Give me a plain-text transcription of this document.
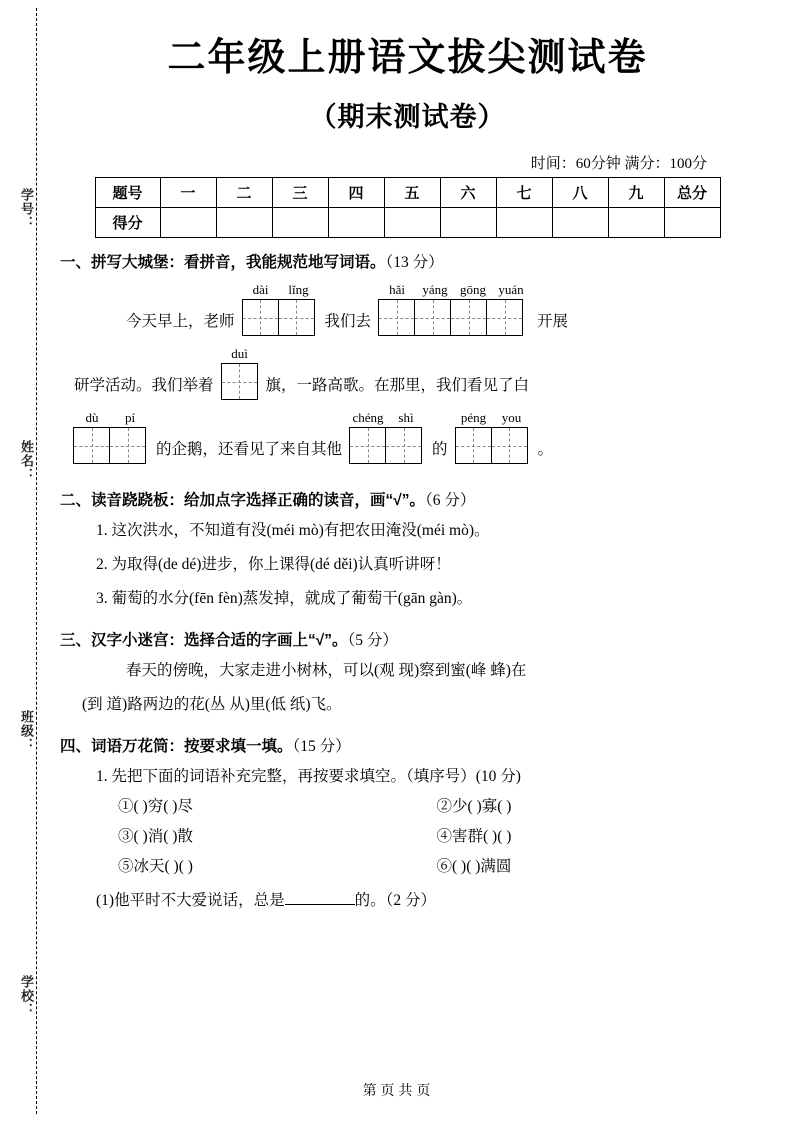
学号：
姓名：
班级：
学校：
二年级上册语文拔尖测试卷
（期末测试卷）
时间：60分钟 满分：100分
题号	一	二	三	四	五	六	七	八	九	总分
得分										
一、拼写大城堡：看拼音，我能规范地写词语。（13 分）
今天早上，老师
dài	lǐng
我们去
hǎi	yáng gōng yuán
开展
研学活动。我们举着
duì
旗，一路高歌。在那里，我们看见了白
dù	pí
的企鹅，还看见了来自其他
chéng	shì
的
péng	you
。
二、读音跷跷板：给加点字选择正确的读音，画“√”。（6 分）
1. 这次洪水，不知道有没(méi mò)有把农田淹没(méi mò)。
2. 为取得(de dé)进步，你上课得(dé děi)认真听讲呀！
3. 葡萄的水分(fēn fèn)蒸发掉，就成了葡萄干(gān gàn)。
三、汉字小迷宫：选择合适的字画上“√”。（5 分）
春天的傍晚，大家走进小树林，可以(观 现)察到蜜(峰 蜂)在
(到 道)路两边的花(丛 从)里(低 纸)飞。
四、词语万花筒：按要求填一填。（15 分）
1. 先把下面的词语补充完整，再按要求填空。（填序号）(10 分)
①( )穷( )尽	②少( )寡( )
③( )消( )散	④害群( )( )
⑤冰天( )( )	⑥( )( )满圆
(1)他平时不大爱说话，总是	的。（2 分）
第 页 共 页
